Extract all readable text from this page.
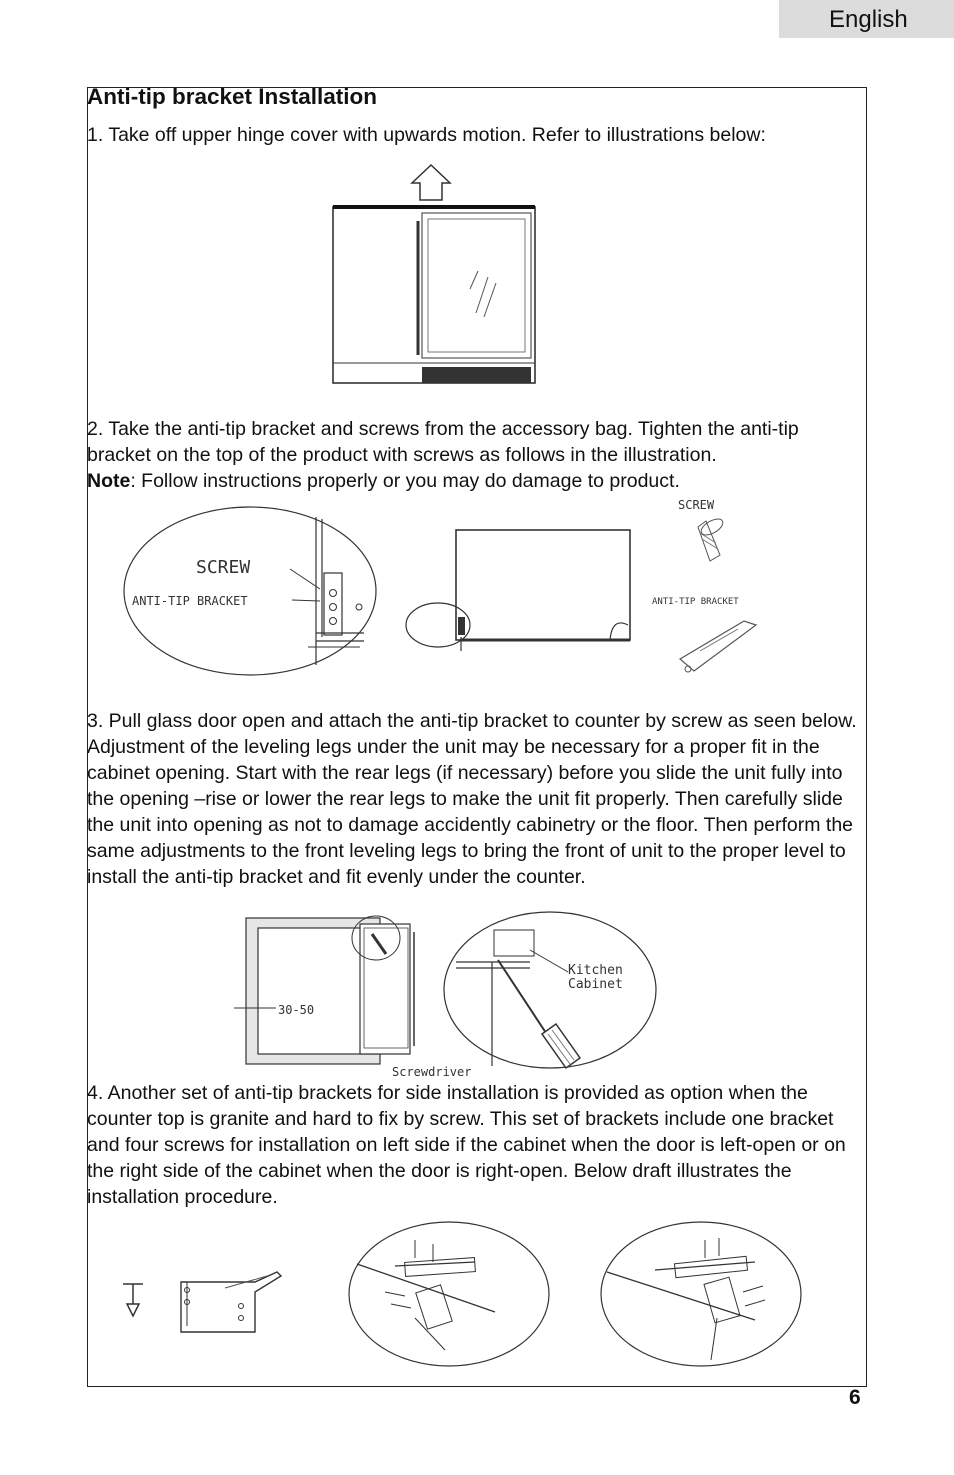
English
Anti-tip bracket Installation

1. Take off upper hinge cover with upwards motion. Refer to illustrations below:

2. Take the anti-tip bracket and screws from the accessory bag. Tighten the anti-tip bracket on the top of the product with screws as follows in the illustration.

Note: Follow instructions properly or you may do damage to product.

SCREW
ANTI-TIP BRACKET
SCREW
ANTI-TIP BRACKET

3. Pull glass door open and attach the anti-tip bracket to counter by screw as seen below. Adjustment of the leveling legs under the unit may be necessary for a proper fit in the cabinet opening. Start with the rear legs (if necessary) before you slide the unit fully into the opening –rise or lower the rear legs to make the unit fit properly. Then carefully slide the unit into opening as not to damage accidently cabinetry or the floor. Then perform the same adjustments to the front leveling legs to bring the front of unit to the proper level to install the anti-tip bracket and fit evenly under the counter.

30-50
Kitchen
Cabinet
Screwdriver

4. Another set of anti-tip brackets for side installation is provided as option when the counter top is granite and hard to fix by screw. This set of brackets include one bracket and four screws for installation on left side if the cabinet when the door is left-open or on the right side of the cabinet when the door is right-open. Below draft illustrates the installation procedure.

6
